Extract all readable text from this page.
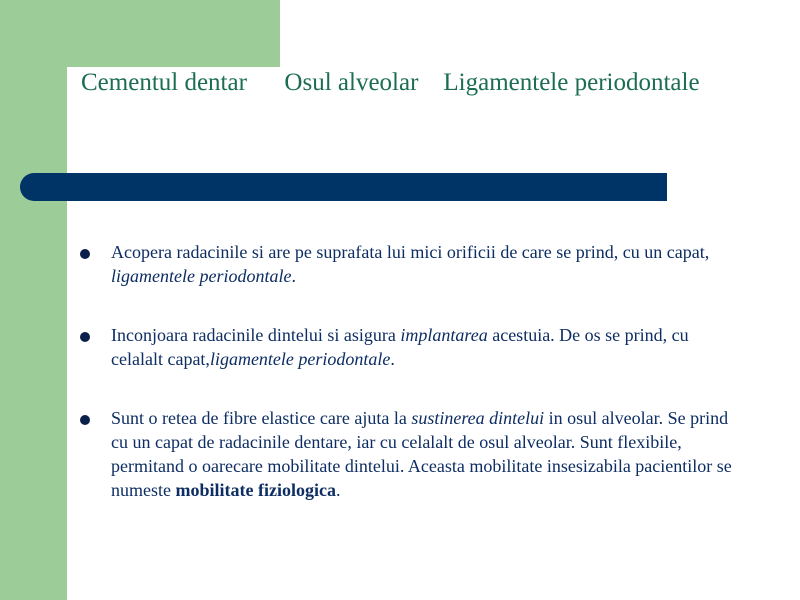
Cementul dentar      Osul alveolar    Ligamentele periodontale
Acopera radacinile si are pe suprafata lui mici orificii de care se prind, cu un capat, ligamentele periodontale.
Inconjoara radacinile dintelui si asigura implantarea acestuia. De os se prind, cu celalalt capat,ligamentele periodontale.
Sunt o retea de fibre elastice care ajuta la sustinerea dintelui in osul alveolar. Se prind cu un capat de radacinile dentare, iar cu celalalt de osul alveolar. Sunt flexibile, permitand o oarecare mobilitate dintelui. Aceasta mobilitate insesizabila pacientilor se numeste mobilitate fiziologica.
